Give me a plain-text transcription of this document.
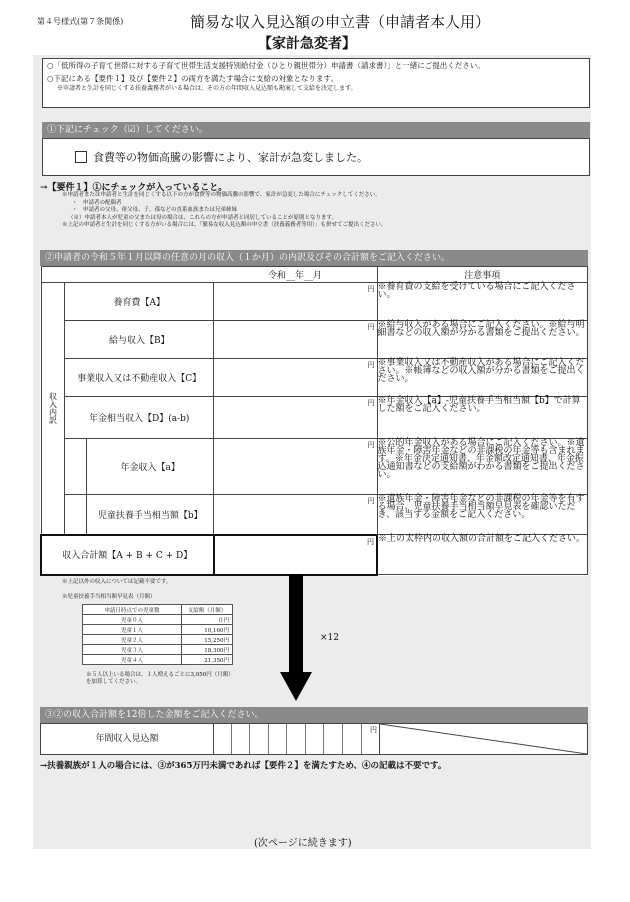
第４号様式(第７条関係)	簡易な収入見込額の申立書（申請者本人用）
【家計急変者】
○「低所得の子育て世帯に対する子育て世帯生活支援特別給付金（ひとり親世帯分）申請書（請求書）」と一緒にご提出ください。
○下記にある【要件１】及び【要件２】の両方を満たす場合に支給の対象となります。
※申請者と生計を同じくする扶養義務者がいる場合は、その方の年間収入見込額も勘案して支給を決定します。
①下記にチェック（☑）してください。
食費等の物価高騰の影響により、家計が急変しました。
→【要件１】①にチェックが入っていること。
※申請者または申請者と生計を同じくする以下の方が食費等の物価高騰の影響で、家計が急変した場合にチェックしてください。
・　申請者の配偶者
・　申請者の父母、祖父母、子、孫などの直系血族または兄弟姉妹
（※）申請者本人が児童の父または母の場合は、これらの方が申請者と同居していることが原則となります。
※上記の申請者と生計を同じくする方がいる場合には、「簡易な収入見込額の申立書（扶養義務者等用）」も併せてご提出ください。
②申請者の令和５年１月以降の任意の月の収入（１か月）の内訳及びその合計額をご記入ください。
			令和__年__月	注意事項
収入内訳	養育費【A】		円	※養育費の支給を受けている場合にご記入ください。
	給与収入【B】		円	※給与収入がある場合にご記入ください。※給与明細書などの収入額が分かる書類をご提出ください。
	事業収入又は不動産収入【C】		円	※事業収入又は不動産収入がある場合にご記入ください。※帳簿などの収入額が分かる書類をご提出ください。
	年金相当収入【D】(a-b)		円	※年金収入【a】-児童扶養手当相当額【b】で計算した額をご記入ください。
		年金収入【a】	円	※公的年金収入がある場合にご記入ください。※遺族年金・障害年金などの非課税の年金等も含まれます。※年金決定通知書、年金額改定通知書、年金振込通知書などの支給額がわかる書類をご提出ください。
		児童扶養手当相当額【b】	円	※遺族年金・障害年金などの非課税の年金等を有する場合、児童扶養手当相当額早見表を確認いただき、該当する金額をご記入ください。
収入合計額【A + B + C + D】			円	※上の太枠内の収入額の合計額をご記入ください。
※上記以外の収入については記載不要です。
※児童扶養手当相当額早見表（月額）
申請日時点での児童数	支給額（月額）
児童０人	０円
児童１人	10,160円
児童２人	15,250円
児童３人	18,300円
児童４人	21,350円
※５人以上いる場合は、１人増えるごとに3,050円（月額）を加算してください。
×12
③②の収入合計額を12倍した金額をご記入ください。
年間収入見込額
円
→扶養親族が１人の場合には、③が365万円未満であれば【要件２】を満たすため、④の記載は不要です。
(次ページに続きます)
